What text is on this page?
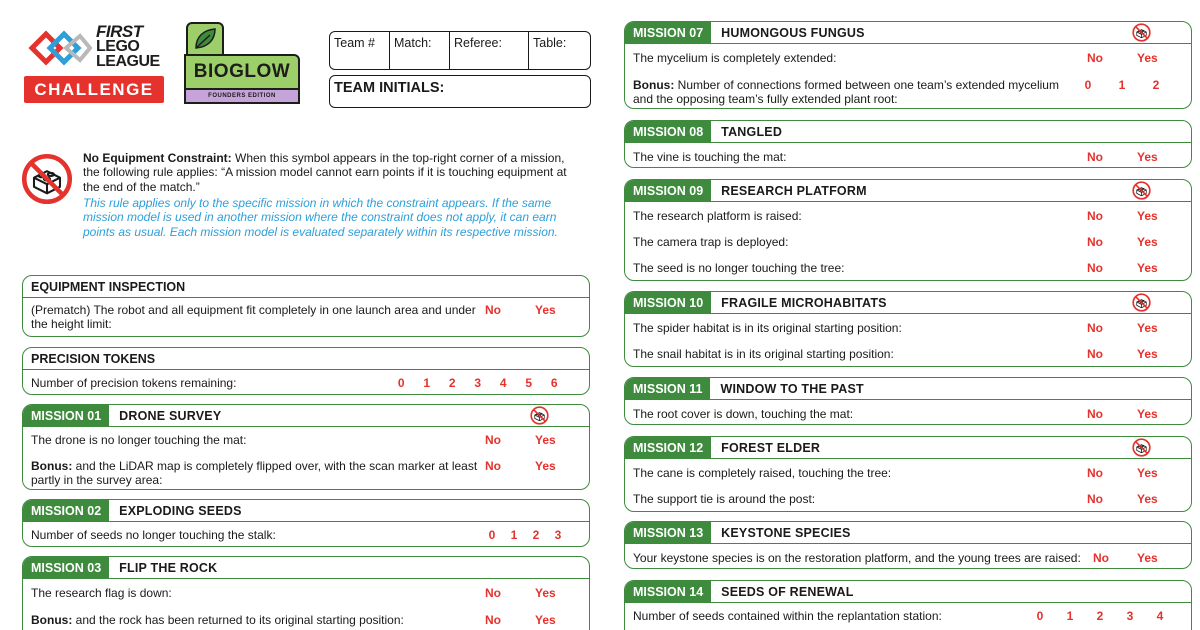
FIRST
LEGO
LEAGUE
CHALLENGE
BIOGLOW
FOUNDERS EDITION
Team #	Match:	Referee:	Table:
TEAM INITIALS:
No Equipment Constraint: When this symbol appears in the top-right corner of a mission, the following rule applies: “A mission model cannot earn points if it is touching equipment at the end of the match.”
This rule applies only to the specific mission in which the constraint appears. If the same mission model is used in another mission where the constraint does not apply, it can earn points as usual. Each mission model is evaluated separately within its respective mission.
EQUIPMENT INSPECTION
(Prematch) The robot and all equipment fit completely in one launch area and under the height limit:
No	Yes
PRECISION TOKENS
Number of precision tokens remaining:	0	1	2	3	4	5	6
MISSION 01	DRONE SURVEY
The drone is no longer touching the mat:	No	Yes
Bonus: and the LiDAR map is completely flipped over, with the scan marker at least partly in the survey area:
No	Yes
MISSION 02	EXPLODING SEEDS
Number of seeds no longer touching the stalk:	0	1	2	3
MISSION 03	FLIP THE ROCK
The research flag is down:	No	Yes
Bonus: and the rock has been returned to its original starting position:	No	Yes
MISSION 07	HUMONGOUS FUNGUS
The mycelium is completely extended:	No	Yes
Bonus: Number of connections formed between one team’s extended mycelium and the opposing team’s fully extended plant root:
0	1	2
MISSION 08	TANGLED
The vine is touching the mat:	No	Yes
MISSION 09	RESEARCH PLATFORM
The research platform is raised:	No	Yes
The camera trap is deployed:	No	Yes
The seed is no longer touching the tree:	No	Yes
MISSION 10	FRAGILE MICROHABITATS
The spider habitat is in its original starting position:	No	Yes
The snail habitat is in its original starting position:	No	Yes
MISSION 11	WINDOW TO THE PAST
The root cover is down, touching the mat:	No	Yes
MISSION 12	FOREST ELDER
The cane is completely raised, touching the tree:	No	Yes
The support tie is around the post:	No	Yes
MISSION 13	KEYSTONE SPECIES
Your keystone species is on the restoration platform, and the young trees are raised:	No	Yes
MISSION 14	SEEDS OF RENEWAL
Number of seeds contained within the replantation station:	0	1	2	3	4
